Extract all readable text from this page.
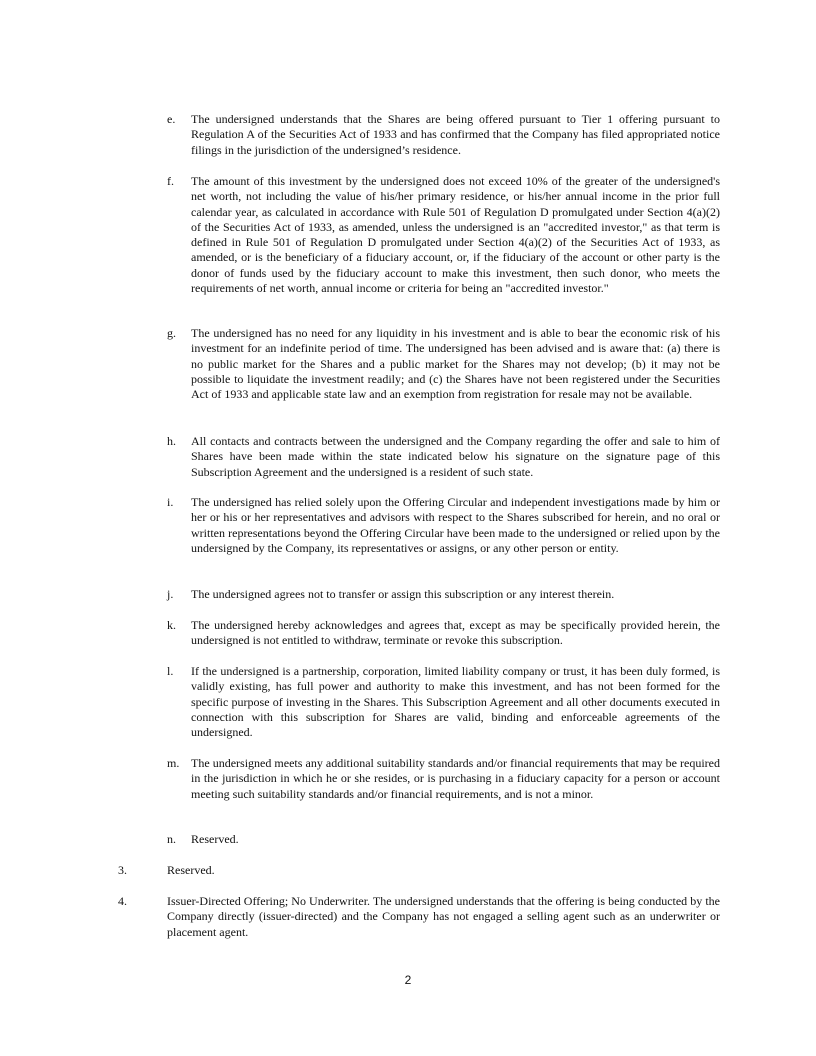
e. The undersigned understands that the Shares are being offered pursuant to Tier 1 offering pursuant to Regulation A of the Securities Act of 1933 and has confirmed that the Company has filed appropriated notice filings in the jurisdiction of the undersigned’s residence.
f. The amount of this investment by the undersigned does not exceed 10% of the greater of the undersigned's net worth, not including the value of his/her primary residence, or his/her annual income in the prior full calendar year, as calculated in accordance with Rule 501 of Regulation D promulgated under Section 4(a)(2) of the Securities Act of 1933, as amended, unless the undersigned is an "accredited investor," as that term is defined in Rule 501 of Regulation D promulgated under Section 4(a)(2) of the Securities Act of 1933, as amended, or is the beneficiary of a fiduciary account, or, if the fiduciary of the account or other party is the donor of funds used by the fiduciary account to make this investment, then such donor, who meets the requirements of net worth, annual income or criteria for being an "accredited investor."
g. The undersigned has no need for any liquidity in his investment and is able to bear the economic risk of his investment for an indefinite period of time. The undersigned has been advised and is aware that: (a) there is no public market for the Shares and a public market for the Shares may not develop; (b) it may not be possible to liquidate the investment readily; and (c) the Shares have not been registered under the Securities Act of 1933 and applicable state law and an exemption from registration for resale may not be available.
h. All contacts and contracts between the undersigned and the Company regarding the offer and sale to him of Shares have been made within the state indicated below his signature on the signature page of this Subscription Agreement and the undersigned is a resident of such state.
i. The undersigned has relied solely upon the Offering Circular and independent investigations made by him or her or his or her representatives and advisors with respect to the Shares subscribed for herein, and no oral or written representations beyond the Offering Circular have been made to the undersigned or relied upon by the undersigned by the Company, its representatives or assigns, or any other person or entity.
j. The undersigned agrees not to transfer or assign this subscription or any interest therein.
k. The undersigned hereby acknowledges and agrees that, except as may be specifically provided herein, the undersigned is not entitled to withdraw, terminate or revoke this subscription.
l. If the undersigned is a partnership, corporation, limited liability company or trust, it has been duly formed, is validly existing, has full power and authority to make this investment, and has not been formed for the specific purpose of investing in the Shares. This Subscription Agreement and all other documents executed in connection with this subscription for Shares are valid, binding and enforceable agreements of the undersigned.
m. The undersigned meets any additional suitability standards and/or financial requirements that may be required in the jurisdiction in which he or she resides, or is purchasing in a fiduciary capacity for a person or account meeting such suitability standards and/or financial requirements, and is not a minor.
n. Reserved.
3.	Reserved.
4.	Issuer-Directed Offering; No Underwriter. The undersigned understands that the offering is being conducted by the Company directly (issuer-directed) and the Company has not engaged a selling agent such as an underwriter or placement agent.
2
